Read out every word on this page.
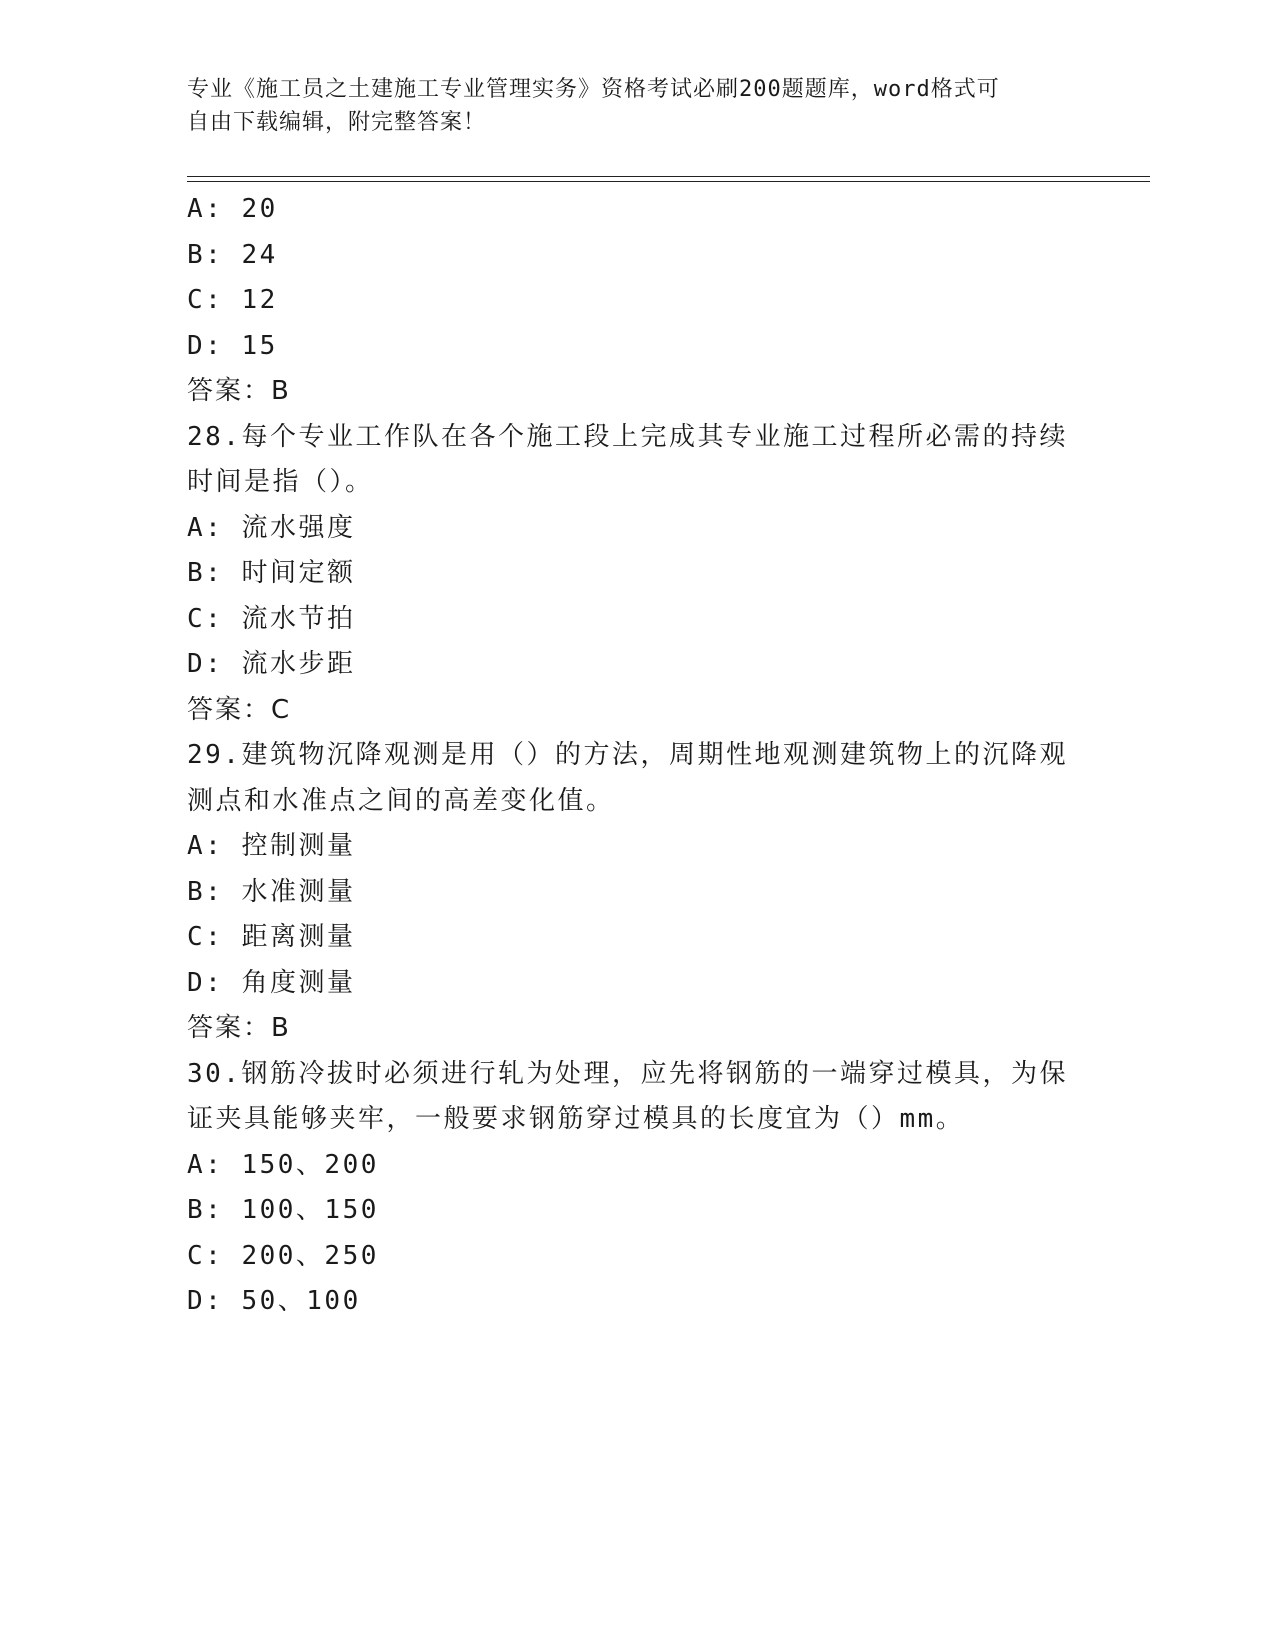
专业《施工员之土建施工专业管理实务》资格考试必刷200题题库，word格式可
自由下载编辑，附完整答案！
A: 20
B: 24
C: 12
D: 15
答案：B
28.每个专业工作队在各个施工段上完成其专业施工过程所必需的持续
时间是指（）。
A: 流水强度
B: 时间定额
C: 流水节拍
D: 流水步距
答案：C
29.建筑物沉降观测是用（）的方法，周期性地观测建筑物上的沉降观
测点和水准点之间的高差变化值。
A: 控制测量
B: 水准测量
C: 距离测量
D: 角度测量
答案：B
30.钢筋冷拔时必须进行轧为处理，应先将钢筋的一端穿过模具，为保
证夹具能够夹牢，一般要求钢筋穿过模具的长度宜为（）mm。
A: 150、200
B: 100、150
C: 200、250
D: 50、100
